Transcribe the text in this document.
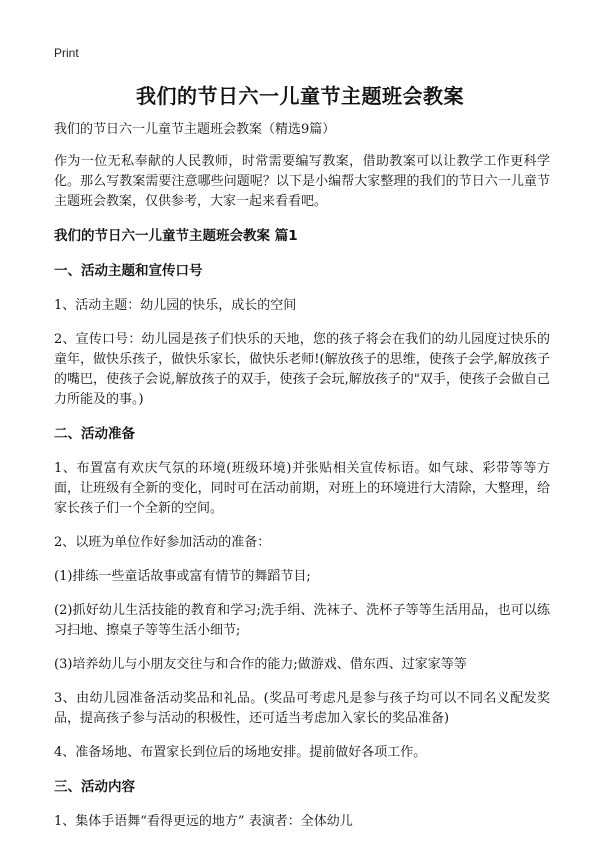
Print
我们的节日六一儿童节主题班会教案

我们的节日六一儿童节主题班会教案（精选9篇）

作为一位无私奉献的人民教师，时常需要编写教案，借助教案可以让教学工作更科学化。那么写教案需要注意哪些问题呢？以下是小编帮大家整理的我们的节日六一儿童节主题班会教案，仅供参考，大家一起来看看吧。

我们的节日六一儿童节主题班会教案 篇1

一、活动主题和宣传口号

1、活动主题：幼儿园的快乐，成长的空间

2、宣传口号：幼儿园是孩子们快乐的天地，您的孩子将会在我们的幼儿园度过快乐的童年，做快乐孩子，做快乐家长，做快乐老师!(解放孩子的思维，使孩子会学,解放孩子的嘴巴，使孩子会说,解放孩子的双手，使孩子会玩,解放孩子的"双手，使孩子会做自己力所能及的事。)

二、活动准备

1、布置富有欢庆气氛的环境(班级环境)并张贴相关宣传标语。如气球、彩带等等方面，让班级有全新的变化，同时可在活动前期，对班上的环境进行大清除，大整理，给家长孩子们一个全新的空间。

2、以班为单位作好参加活动的准备：

(1)排练一些童话故事或富有情节的舞蹈节目;

(2)抓好幼儿生活技能的教育和学习;洗手绢、洗袜子、洗杯子等等生活用品，也可以练习扫地、擦桌子等等生活小细节;

(3)培养幼儿与小朋友交往与和合作的能力;做游戏、借东西、过家家等等

3、由幼儿园准备活动奖品和礼品。(奖品可考虑凡是参与孩子均可以不同名义配发奖品，提高孩子参与活动的积极性，还可适当考虑加入家长的奖品准备)

4、准备场地、布置家长到位后的场地安排。提前做好各项工作。

三、活动内容

1、集体手语舞“看得更远的地方” 表演者：全体幼儿
